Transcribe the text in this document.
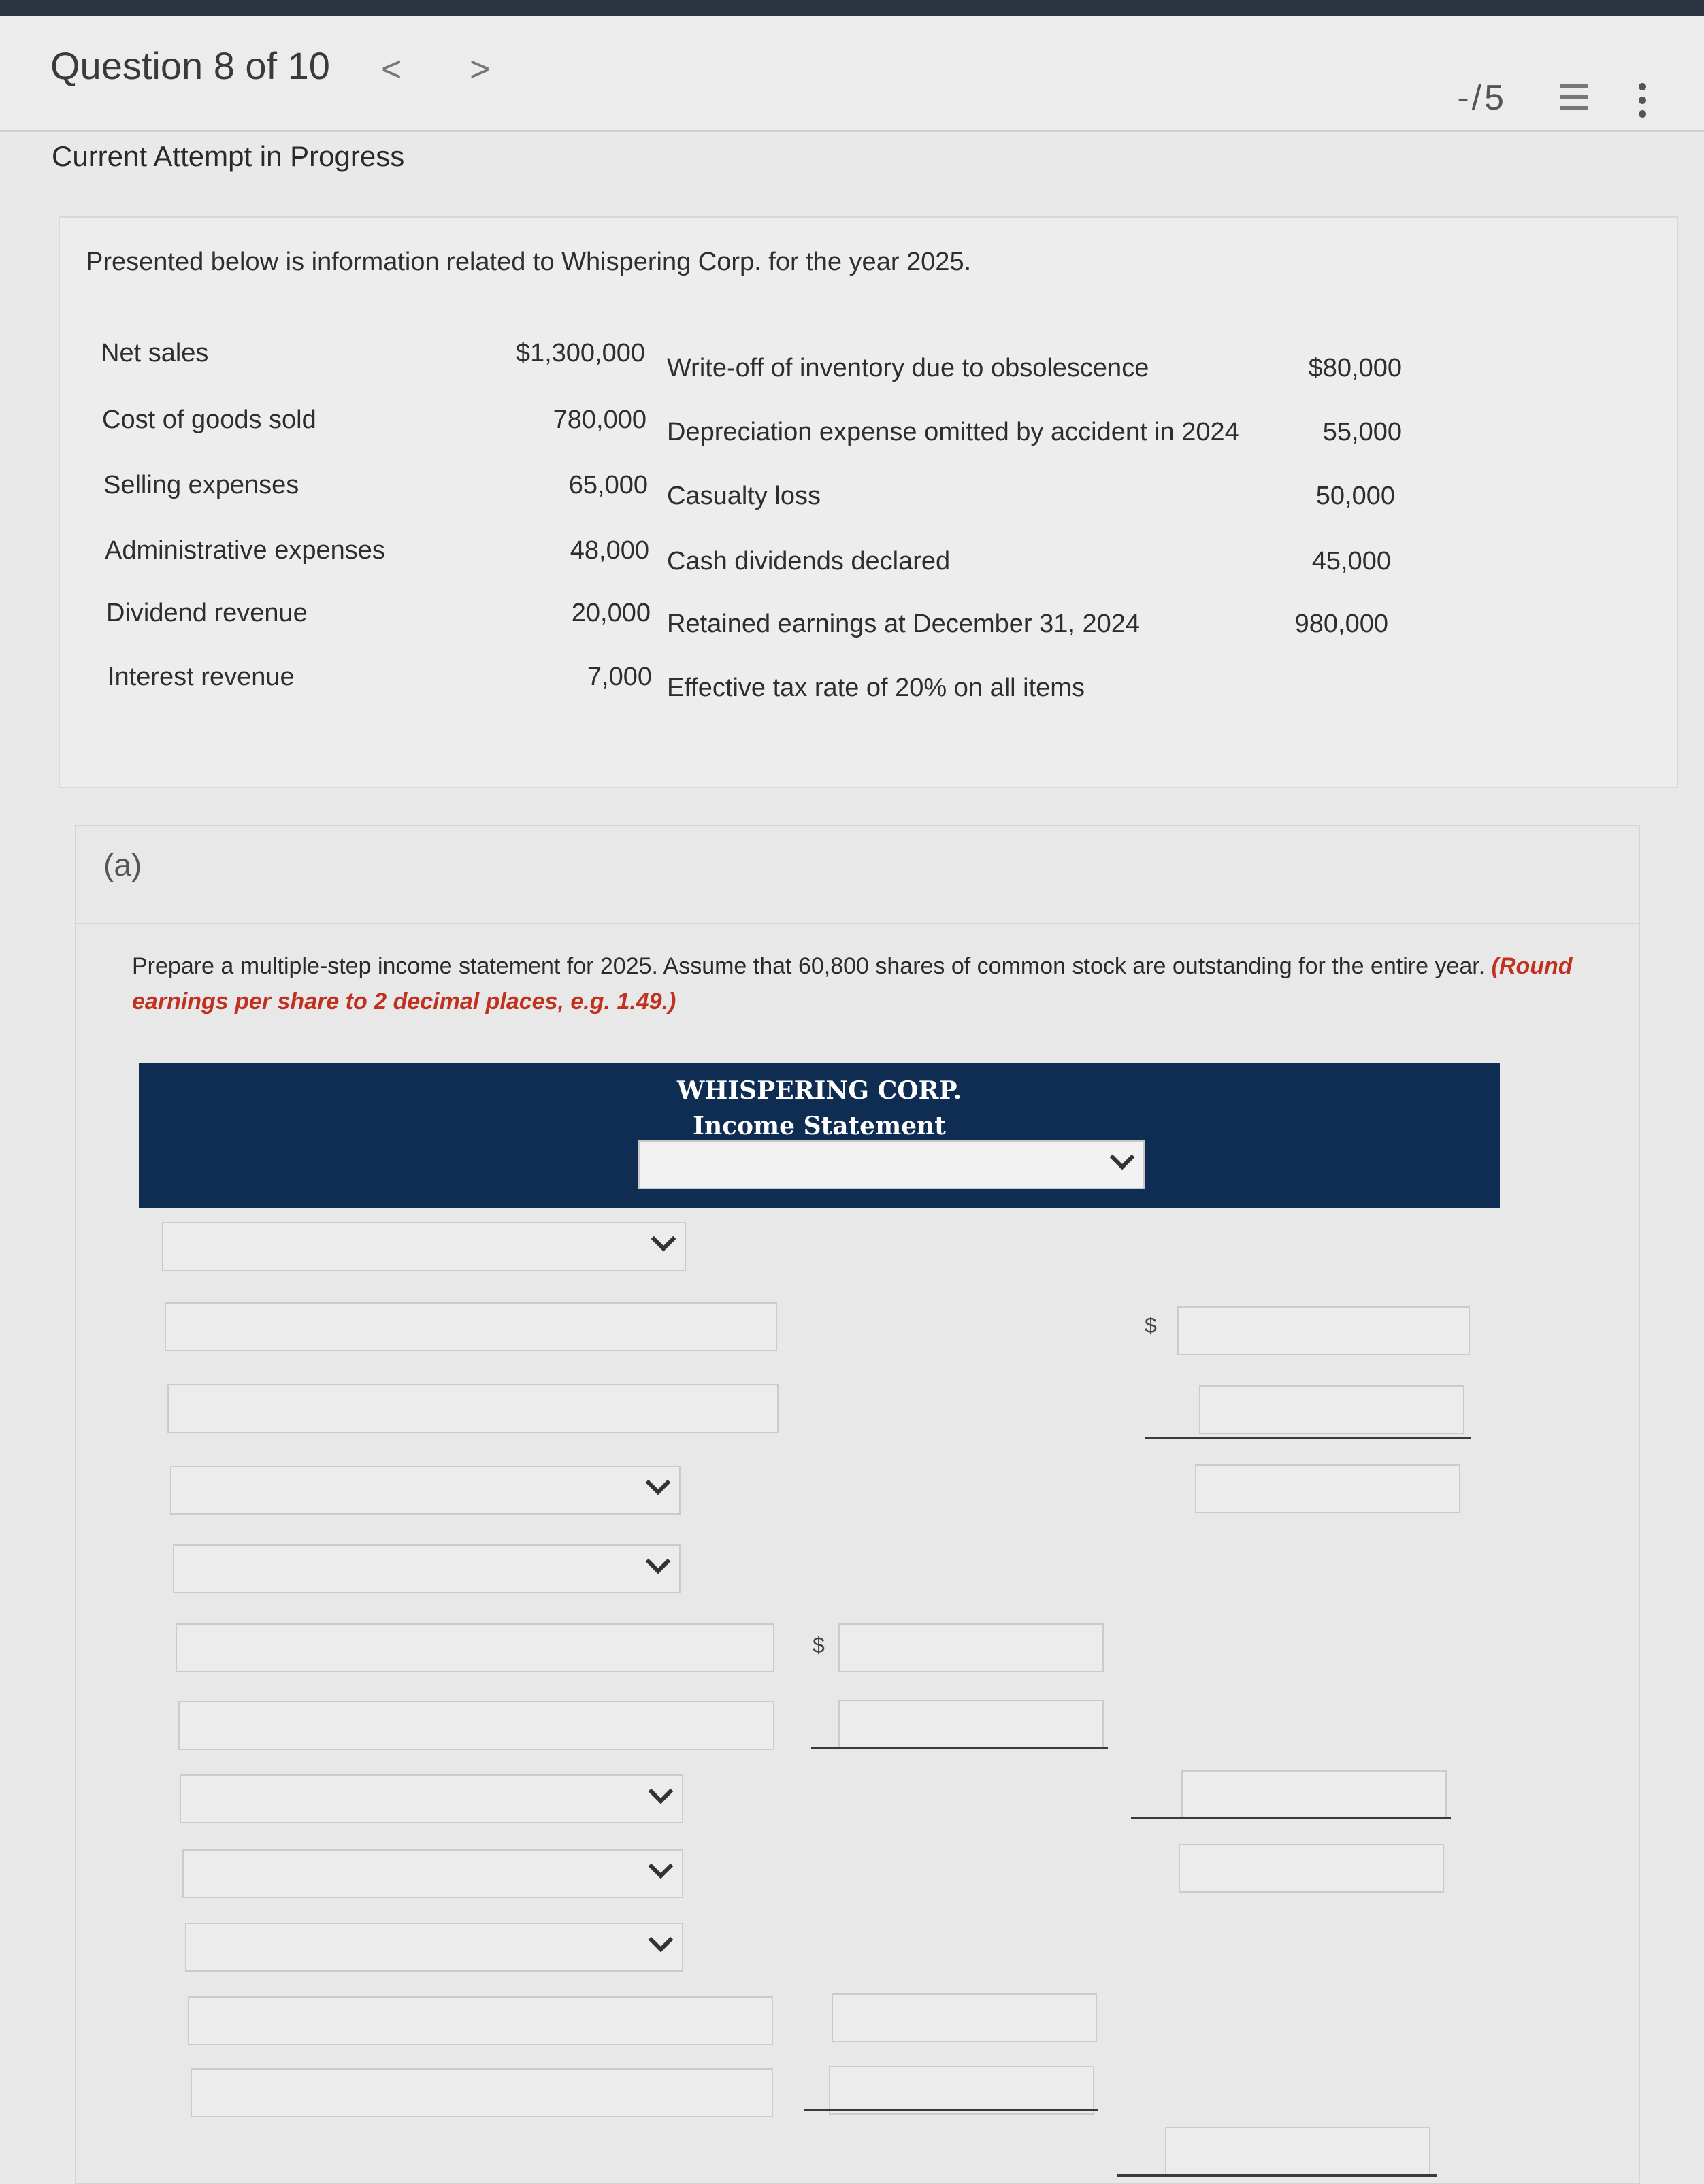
Question 8 of 10 < >
-/5
Current Attempt in Progress
Presented below is information related to Whispering Corp. for the year 2025.
Net sales	$1,300,000
Cost of goods sold	780,000
Selling expenses	65,000
Administrative expenses	48,000
Dividend revenue	20,000
Interest revenue	7,000
Write-off of inventory due to obsolescence	$80,000
Depreciation expense omitted by accident in 2024	55,000
Casualty loss	50,000
Cash dividends declared	45,000
Retained earnings at December 31, 2024	980,000
Effective tax rate of 20% on all items
(a)
Prepare a multiple-step income statement for 2025. Assume that 60,800 shares of common stock are outstanding for the entire year. (Round earnings per share to 2 decimal places, e.g. 1.49.)
WHISPERING CORP.
Income Statement
$
$
